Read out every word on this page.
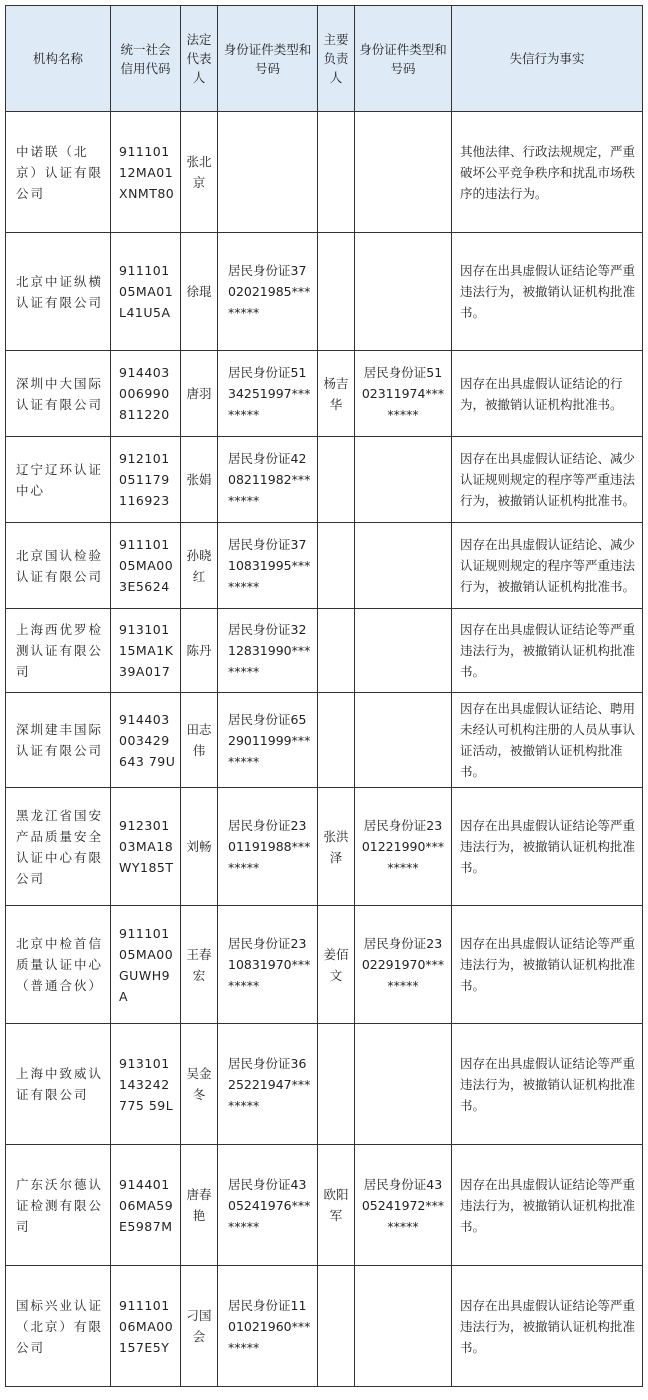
机构名称	统一社会信用代码	法定代表人	身份证件类型和号码	主要负责人	身份证件类型和号码	失信行为事实
中诺联（北京）认证有限公司	91110112MA01XNMT80	张北京				其他法律、行政法规规定，严重破坏公平竞争秩序和扰乱市场秩序的违法行为。
北京中证纵横认证有限公司	91110105MA01L41U5A	徐琨	居民身份证3702021985********			因存在出具虚假认证结论等严重违法行为，被撤销认证机构批准书。
深圳中大国际认证有限公司	914403006990811220	唐羽	居民身份证5134251997********	杨吉华	居民身份证5102311974********	因存在出具虚假认证结论的行为，被撤销认证机构批准书。
辽宁辽环认证中心	912101051179116923	张娟	居民身份证4208211982********			因存在出具虚假认证结论、减少认证规则规定的程序等严重违法行为，被撤销认证机构批准书。
北京国认检验认证有限公司	91110105MA003E5624	孙晓红	居民身份证3710831995********			因存在出具虚假认证结论、减少认证规则规定的程序等严重违法行为，被撤销认证机构批准书。
上海西优罗检测认证有限公司	91310115MA1K39A017	陈丹	居民身份证3212831990********			因存在出具虚假认证结论等严重违法行为，被撤销认证机构批准书。
深圳建丰国际认证有限公司	914403003429643 79U	田志伟	居民身份证6529011999********			因存在出具虚假认证结论、聘用未经认可机构注册的人员从事认证活动，被撤销认证机构批准书。
黑龙江省国安产品质量安全认证中心有限公司	91230103MA18WY185T	刘畅	居民身份证2301191988********	张洪泽	居民身份证2301221990********	因存在出具虚假认证结论等严重违法行为，被撤销认证机构批准书。
北京中检首信质量认证中心（普通合伙）	91110105MA00GUWH9A	王春宏	居民身份证2310831970********	姜佰文	居民身份证2302291970********	因存在出具虚假认证结论等严重违法行为，被撤销认证机构批准书。
上海中致威认证有限公司	913101143242775 59L	吴金冬	居民身份证3625221947********			因存在出具虚假认证结论等严重违法行为，被撤销认证机构批准书。
广东沃尔德认证检测有限公司	91440106MA59E5987M	唐春艳	居民身份证4305241976********	欧阳军	居民身份证4305241972********	因存在出具虚假认证结论等严重违法行为，被撤销认证机构批准书。
国标兴业认证（北京）有限公司	91110106MA00157E5Y	刁国会	居民身份证1101021960********			因存在出具虚假认证结论等严重违法行为，被撤销认证机构批准书。
